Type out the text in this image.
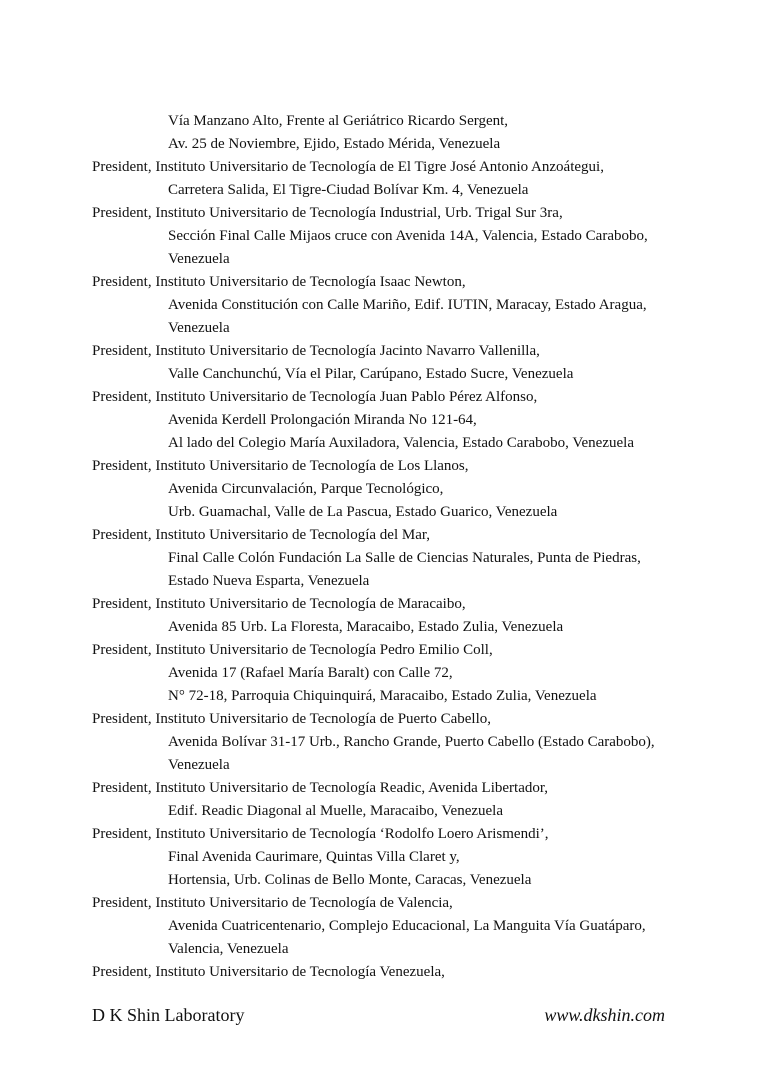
Vía Manzano Alto, Frente al Geriátrico Ricardo Sergent,
Av. 25 de Noviembre, Ejido, Estado Mérida, Venezuela
President, Instituto Universitario de Tecnología de El Tigre José Antonio Anzoátegui,
Carretera Salida, El Tigre-Ciudad Bolívar Km. 4, Venezuela
President, Instituto Universitario de Tecnología Industrial, Urb. Trigal Sur 3ra,
Sección Final Calle Mijaos cruce con Avenida 14A, Valencia, Estado Carabobo,
Venezuela
President, Instituto Universitario de Tecnología Isaac Newton,
Avenida Constitución con Calle Mariño, Edif. IUTIN, Maracay, Estado Aragua,
Venezuela
President, Instituto Universitario de Tecnología Jacinto Navarro Vallenilla,
Valle Canchunchú, Vía el Pilar, Carúpano, Estado Sucre, Venezuela
President, Instituto Universitario de Tecnología Juan Pablo Pérez Alfonso,
Avenida Kerdell Prolongación Miranda No 121-64,
Al lado del Colegio María Auxiladora, Valencia, Estado Carabobo, Venezuela
President, Instituto Universitario de Tecnología de Los Llanos,
Avenida Circunvalación, Parque Tecnológico,
Urb. Guamachal, Valle de La Pascua, Estado Guarico, Venezuela
President, Instituto Universitario de Tecnología del Mar,
Final Calle Colón Fundación La Salle de Ciencias Naturales, Punta de Piedras,
Estado Nueva Esparta, Venezuela
President, Instituto Universitario de Tecnología de Maracaibo,
Avenida 85 Urb. La Floresta, Maracaibo, Estado Zulia, Venezuela
President, Instituto Universitario de Tecnología Pedro Emilio Coll,
Avenida 17 (Rafael María Baralt) con Calle 72,
N° 72-18, Parroquia Chiquinquirá, Maracaibo, Estado Zulia, Venezuela
President, Instituto Universitario de Tecnología de Puerto Cabello,
Avenida Bolívar 31-17 Urb., Rancho Grande, Puerto Cabello (Estado Carabobo),
Venezuela
President, Instituto Universitario de Tecnología Readic, Avenida Libertador,
Edif. Readic Diagonal al Muelle, Maracaibo, Venezuela
President, Instituto Universitario de Tecnología ‘Rodolfo Loero Arismendi’,
Final Avenida Caurimare, Quintas Villa Claret y,
Hortensia, Urb. Colinas de Bello Monte, Caracas, Venezuela
President, Instituto Universitario de Tecnología de Valencia,
Avenida Cuatricentenario, Complejo Educacional, La Manguita Vía Guatáparo,
Valencia, Venezuela
President, Instituto Universitario de Tecnología Venezuela,
D K Shin Laboratory	www.dkshin.com
